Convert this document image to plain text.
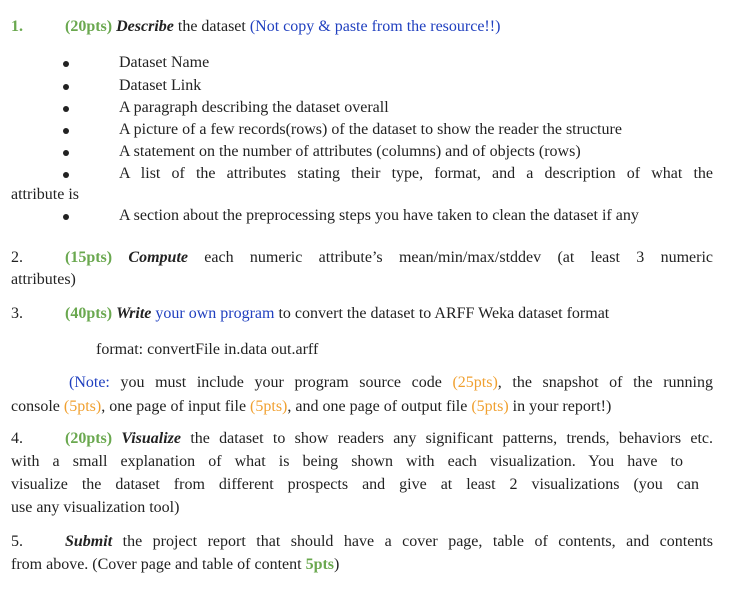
1.	(20pts) Describe the dataset (Not copy & paste from the resource!!)
Dataset Name
Dataset Link
A paragraph describing the dataset overall
A picture of a few records(rows) of the dataset to show the reader the structure
A statement on the number of attributes (columns) and of objects (rows)
A list of the attributes stating their type, format, and a description of what the
attribute is
A section about the preprocessing steps you have taken to clean the dataset if any
2.	(15pts) Compute each numeric attribute’s mean/min/max/stddev (at least 3 numeric
attributes)
3.	(40pts) Write your own program to convert the dataset to ARFF Weka dataset format
format: convertFile in.data out.arff
(Note: you must include your program source code (25pts), the snapshot of the running
console (5pts), one page of input file (5pts), and one page of output file (5pts) in your report!)
4.	(20pts) Visualize the dataset to show readers any significant patterns, trends, behaviors etc.
with a small explanation of what is being shown with each visualization. You have to
visualize the dataset from different prospects and give at least 2 visualizations (you can
use any visualization tool)
5.	Submit the project report that should have a cover page, table of contents, and contents
from above. (Cover page and table of content 5pts)
